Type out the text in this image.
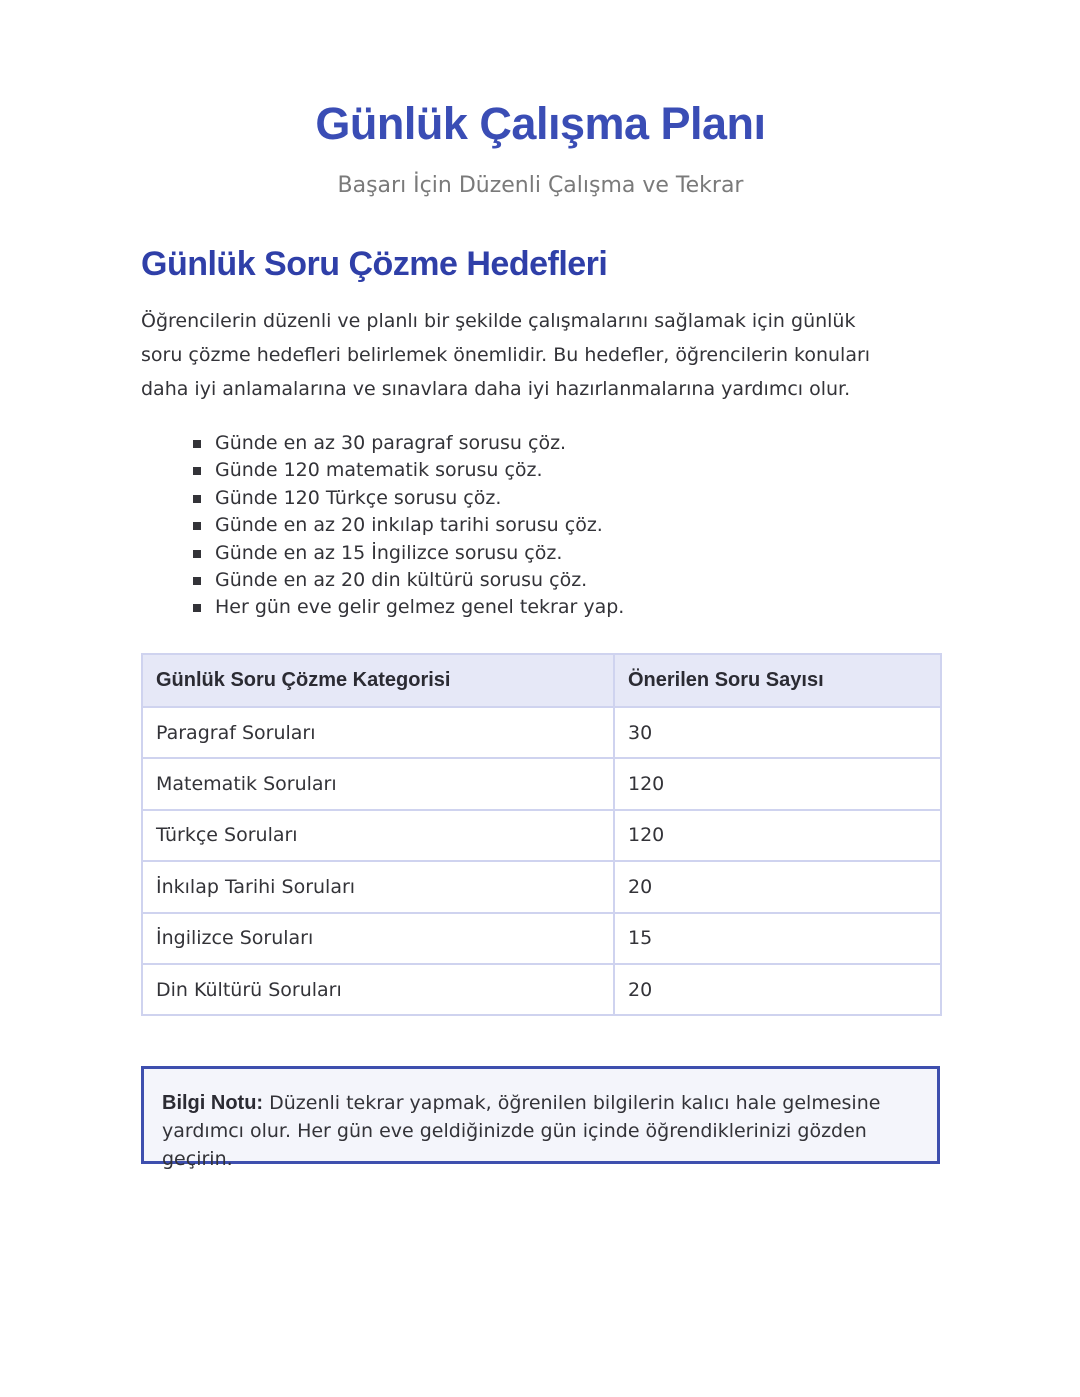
Günlük Çalışma Planı

Başarı İçin Düzenli Çalışma ve Tekrar

Günlük Soru Çözme Hedefleri

Öğrencilerin düzenli ve planlı bir şekilde çalışmalarını sağlamak için günlük soru çözme hedefleri belirlemek önemlidir. Bu hedefler, öğrencilerin konuları daha iyi anlamalarına ve sınavlara daha iyi hazırlanmalarına yardımcı olur.

Günde en az 30 paragraf sorusu çöz.
Günde 120 matematik sorusu çöz.
Günde 120 Türkçe sorusu çöz.
Günde en az 20 inkılap tarihi sorusu çöz.
Günde en az 15 İngilizce sorusu çöz.
Günde en az 20 din kültürü sorusu çöz.
Her gün eve gelir gelmez genel tekrar yap.
Günlük Soru Çözme Kategorisi	Önerilen Soru Sayısı
Paragraf Soruları	30
Matematik Soruları	120
Türkçe Soruları	120
İnkılap Tarihi Soruları	20
İngilizce Soruları	15
Din Kültürü Soruları	20
Bilgi Notu: Düzenli tekrar yapmak, öğrenilen bilgilerin kalıcı hale gelmesine yardımcı olur. Her gün eve geldiğinizde gün içinde öğrendiklerinizi gözden geçirin.
